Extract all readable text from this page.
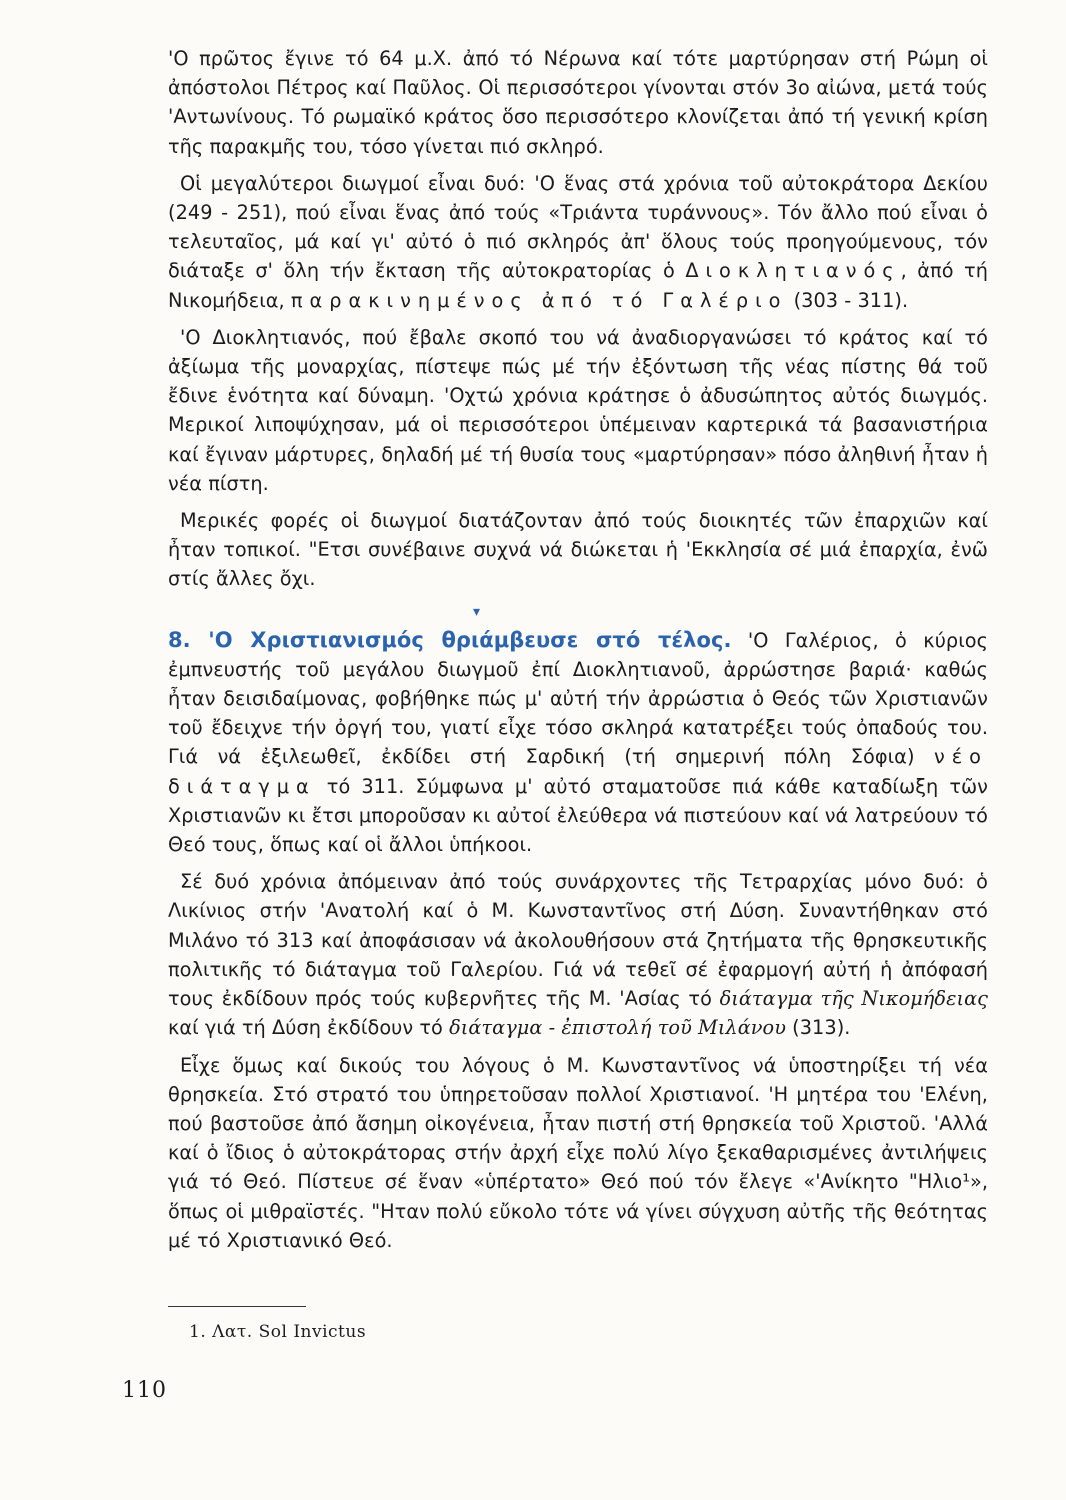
'Ο πρῶτος ἔγινε τό 64 μ.Χ. ἀπό τό Νέρωνα καί τότε μαρτύρησαν στή Ρώμη οἱ ἀπόστολοι Πέτρος καί Παῦλος. Οἱ περισσότεροι γίνονται στόν 3ο αἰώνα, μετά τούς 'Αντωνίνους. Τό ρωμαϊκό κράτος ὅσο περισσότερο κλονίζεται ἀπό τή γενική κρίση τῆς παρακμῆς του, τόσο γίνεται πιό σκληρό.

Οἱ μεγαλύτεροι διωγμοί εἶναι δυό: 'Ο ἕνας στά χρόνια τοῦ αὐτοκράτορα Δεκίου (249 - 251), πού εἶναι ἕνας ἀπό τούς «Τριάντα τυράννους». Τόν ἄλλο πού εἶναι ὁ τελευταῖος, μά καί γι' αὐτό ὁ πιό σκληρός ἀπ' ὅλους τούς προηγούμενους, τόν διάταξε σ' ὅλη τήν ἔκταση τῆς αὐτοκρατορίας ὁ Διοκλητιανός, ἀπό τή Νικομήδεια, παρακινημένος ἀπό τό Γαλέριο (303 - 311).

'Ο Διοκλητιανός, πού ἔβαλε σκοπό του νά ἀναδιοργανώσει τό κράτος καί τό ἀξίωμα τῆς μοναρχίας, πίστεψε πώς μέ τήν ἐξόντωση τῆς νέας πίστης θά τοῦ ἔδινε ἑνότητα καί δύναμη. 'Οχτώ χρόνια κράτησε ὁ ἀδυσώπητος αὐτός διωγμός. Μερικοί λιποψύχησαν, μά οἱ περισσότεροι ὑπέμειναν καρτερικά τά βασανιστήρια καί ἔγιναν μάρτυρες, δηλαδή μέ τή θυσία τους «μαρτύρησαν» πόσο ἀληθινή ἦταν ἡ νέα πίστη.

Μερικές φορές οἱ διωγμοί διατάζονταν ἀπό τούς διοικητές τῶν ἐπαρχιῶν καί ἦταν τοπικοί. "Ετσι συνέβαινε συχνά νά διώκεται ἡ 'Εκκλησία σέ μιά ἐπαρχία, ἐνῶ στίς ἄλλες ὄχι.

8. 'Ο Χριστιανισμός θριάμβευσε στό τέλος. 'Ο Γαλέριος, ὁ κύριος ἐμπνευστής τοῦ μεγάλου διωγμοῦ ἐπί Διοκλητιανοῦ, ἀρρώστησε βαριά· καθώς ἦταν δεισιδαίμονας, φοβήθηκε πώς μ' αὐτή τήν ἀρρώστια ὁ Θεός τῶν Χριστιανῶν τοῦ ἔδειχνε τήν ὀργή του, γιατί εἶχε τόσο σκληρά κατατρέξει τούς ὀπαδούς του. Γιά νά ἐξιλεωθεῖ, ἐκδίδει στή Σαρδική (τή σημερινή πόλη Σόφια) νέο διάταγμα τό 311. Σύμφωνα μ' αὐτό σταματοῦσε πιά κάθε καταδίωξη τῶν Χριστιανῶν κι ἔτσι μποροῦσαν κι αὐτοί ἐλεύθερα νά πιστεύουν καί νά λατρεύουν τό Θεό τους, ὅπως καί οἱ ἄλλοι ὑπήκοοι.

Σέ δυό χρόνια ἀπόμειναν ἀπό τούς συνάρχοντες τῆς Τετραρχίας μόνο δυό: ὁ Λικίνιος στήν 'Ανατολή καί ὁ Μ. Κωνσταντῖνος στή Δύση. Συναντήθηκαν στό Μιλάνο τό 313 καί ἀποφάσισαν νά ἀκολουθήσουν στά ζητήματα τῆς θρησκευτικῆς πολιτικῆς τό διάταγμα τοῦ Γαλερίου. Γιά νά τεθεῖ σέ ἐφαρμογή αὐτή ἡ ἀπόφασή τους ἐκδίδουν πρός τούς κυβερνῆτες τῆς Μ. 'Ασίας τό διάταγμα τῆς Νικομήδειας καί γιά τή Δύση ἐκδίδουν τό διάταγμα - ἐπιστολή τοῦ Μιλάνου (313).

Εἶχε ὅμως καί δικούς του λόγους ὁ Μ. Κωνσταντῖνος νά ὑποστηρίξει τή νέα θρησκεία. Στό στρατό του ὑπηρετοῦσαν πολλοί Χριστιανοί. 'Η μητέρα του 'Ελένη, πού βαστοῦσε ἀπό ἄσημη οἰκογένεια, ἦταν πιστή στή θρησκεία τοῦ Χριστοῦ. 'Αλλά καί ὁ ἴδιος ὁ αὐτοκράτορας στήν ἀρχή εἶχε πολύ λίγο ξεκαθαρισμένες ἀντιλήψεις γιά τό Θεό. Πίστευε σέ ἕναν «ὑπέρτατο» Θεό πού τόν ἔλεγε «'Ανίκητο "Ηλιο¹», ὅπως οἱ μιθραϊστές. "Ηταν πολύ εὔκολο τότε νά γίνει σύγχυση αὐτῆς τῆς θεότητας μέ τό Χριστιανικό Θεό.

▾
1. Λατ. Sol Invictus
110
